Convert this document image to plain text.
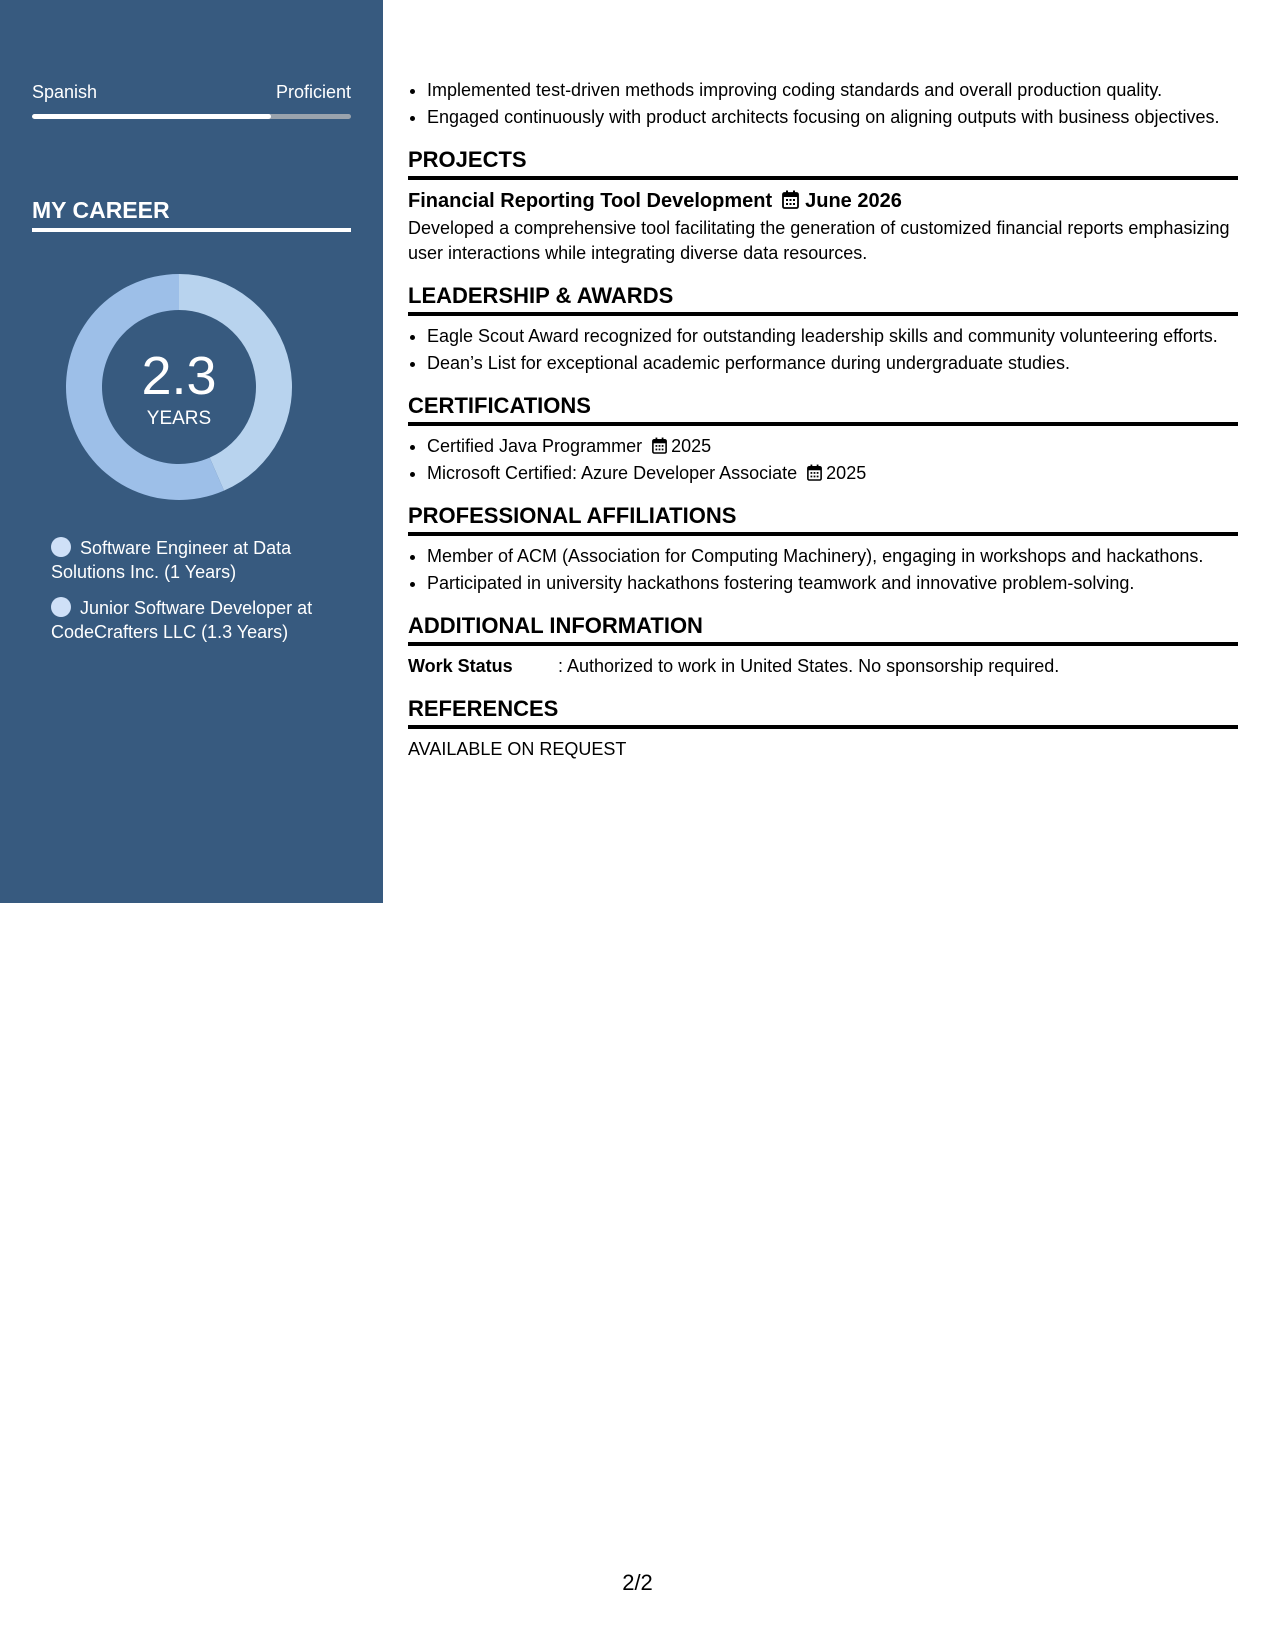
Spanish	Proficient
MY CAREER
2.3
YEARS
Software Engineer at Data Solutions Inc. (1 Years)
Junior Software Developer at CodeCrafters LLC (1.3 Years)
• Implemented test-driven methods improving coding standards and overall production quality.
• Engaged continuously with product architects focusing on aligning outputs with business objectives.
PROJECTS
Financial Reporting Tool Development June 2026
Developed a comprehensive tool facilitating the generation of customized financial reports emphasizing user interactions while integrating diverse data resources.
LEADERSHIP & AWARDS
• Eagle Scout Award recognized for outstanding leadership skills and community volunteering efforts.
• Dean’s List for exceptional academic performance during undergraduate studies.
CERTIFICATIONS
• Certified Java Programmer 2025
• Microsoft Certified: Azure Developer Associate 2025
PROFESSIONAL AFFILIATIONS
• Member of ACM (Association for Computing Machinery), engaging in workshops and hackathons.
• Participated in university hackathons fostering teamwork and innovative problem-solving.
ADDITIONAL INFORMATION
Work Status	: Authorized to work in United States. No sponsorship required.
REFERENCES
AVAILABLE ON REQUEST
2/2
